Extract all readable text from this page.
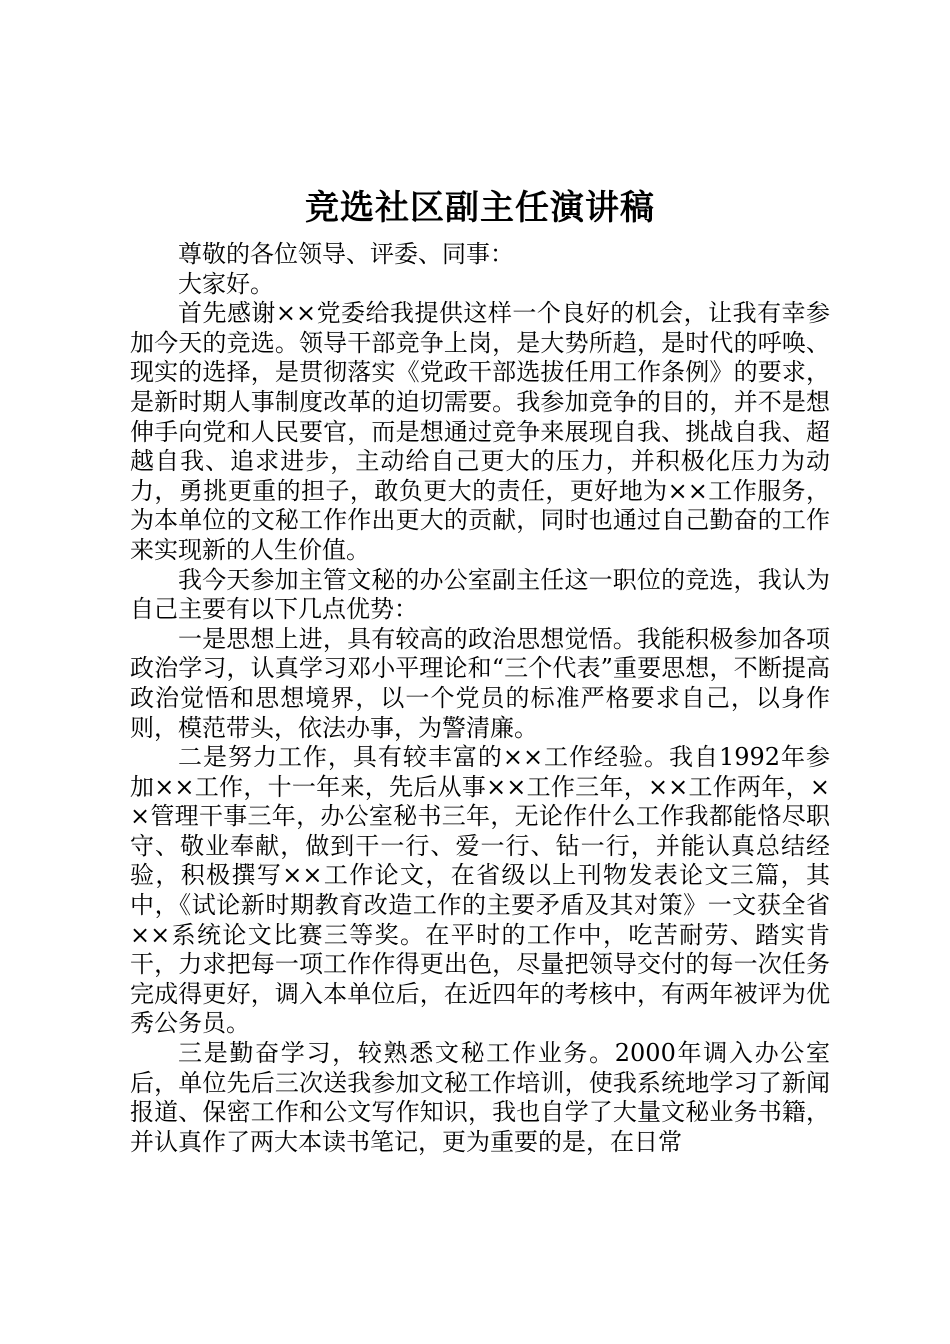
竞选社区副主任演讲稿

尊敬的各位领导、评委、同事：

大家好。

首先感谢××党委给我提供这样一个良好的机会，让我有幸参加今天的竞选。领导干部竞争上岗，是大势所趋，是时代的呼唤、现实的选择，是贯彻落实《党政干部选拔任用工作条例》的要求，是新时期人事制度改革的迫切需要。我参加竞争的目的，并不是想伸手向党和人民要官，而是想通过竞争来展现自我、挑战自我、超越自我、追求进步，主动给自己更大的压力，并积极化压力为动力，勇挑更重的担子，敢负更大的责任，更好地为××工作服务，为本单位的文秘工作作出更大的贡献，同时也通过自己勤奋的工作来实现新的人生价值。

我今天参加主管文秘的办公室副主任这一职位的竞选，我认为自己主要有以下几点优势：

一是思想上进，具有较高的政治思想觉悟。我能积极参加各项政治学习，认真学习邓小平理论和“三个代表”重要思想，不断提高政治觉悟和思想境界，以一个党员的标准严格要求自己，以身作则，模范带头，依法办事，为警清廉。

二是努力工作，具有较丰富的××工作经验。我自1992年参加××工作，十一年来，先后从事××工作三年，××工作两年，××管理干事三年，办公室秘书三年，无论作什么工作我都能恪尽职守、敬业奉献，做到干一行、爱一行、钻一行，并能认真总结经验，积极撰写××工作论文，在省级以上刊物发表论文三篇，其中，《试论新时期教育改造工作的主要矛盾及其对策》一文获全省××系统论文比赛三等奖。在平时的工作中，吃苦耐劳、踏实肯干，力求把每一项工作作得更出色，尽量把领导交付的每一次任务完成得更好，调入本单位后，在近四年的考核中，有两年被评为优秀公务员。

三是勤奋学习，较熟悉文秘工作业务。2000年调入办公室后，单位先后三次送我参加文秘工作培训，使我系统地学习了新闻报道、保密工作和公文写作知识，我也自学了大量文秘业务书籍，并认真作了两大本读书笔记，更为重要的是，在日常
